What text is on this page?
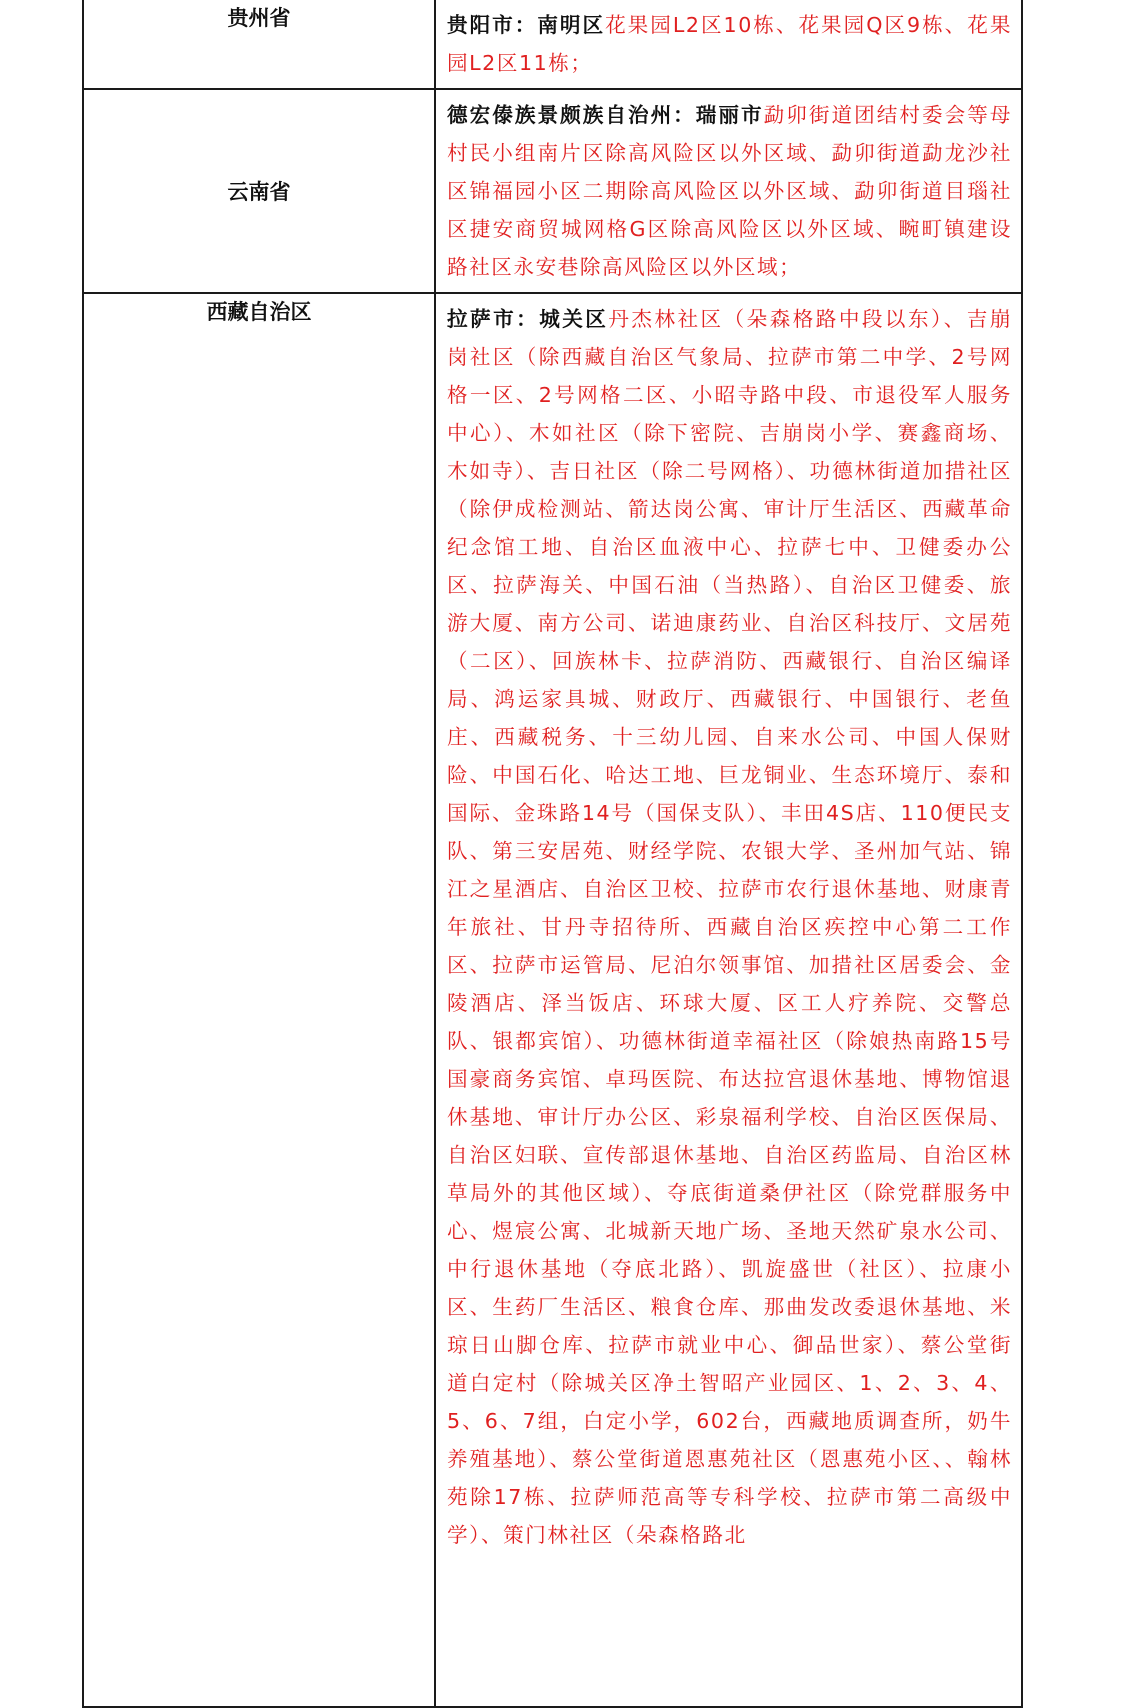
贵州省	贵阳市：南明区花果园L2区10栋、花果园Q区9栋、花果园L2区11栋；

云南省	德宏傣族景颇族自治州：瑞丽市勐卯街道团结村委会等母村民小组南片区除高风险区以外区域、勐卯街道勐龙沙社区锦福园小区二期除高风险区以外区域、勐卯街道目瑙社区捷安商贸城网格G区除高风险区以外区域、畹町镇建设路社区永安巷除高风险区以外区域；

西藏自治区	拉萨市：城关区丹杰林社区（朵森格路中段以东）、吉崩岗社区（除西藏自治区气象局、拉萨市第二中学、2号网格一区、2号网格二区、小昭寺路中段、市退役军人服务中心）、木如社区（除下密院、吉崩岗小学、赛鑫商场、木如寺）、吉日社区（除二号网格）、功德林街道加措社区（除伊成检测站、箭达岗公寓、审计厅生活区、西藏革命纪念馆工地、自治区血液中心、拉萨七中、卫健委办公区、拉萨海关、中国石油（当热路）、自治区卫健委、旅游大厦、南方公司、诺迪康药业、自治区科技厅、文居苑（二区）、回族林卡、拉萨消防、西藏银行、自治区编译局、鸿运家具城、财政厅、西藏银行、中国银行、老鱼庄、西藏税务、十三幼儿园、自来水公司、中国人保财险、中国石化、哈达工地、巨龙铜业、生态环境厅、泰和国际、金珠路14号（国保支队）、丰田4S店、110便民支队、第三安居苑、财经学院、农银大学、圣州加气站、锦江之星酒店、自治区卫校、拉萨市农行退休基地、财康青年旅社、甘丹寺招待所、西藏自治区疾控中心第二工作区、拉萨市运管局、尼泊尔领事馆、加措社区居委会、金陵酒店、泽当饭店、环球大厦、区工人疗养院、交警总队、银都宾馆）、功德林街道幸福社区（除娘热南路15号国豪商务宾馆、卓玛医院、布达拉宫退休基地、博物馆退休基地、审计厅办公区、彩泉福利学校、自治区医保局、自治区妇联、宣传部退休基地、自治区药监局、自治区林草局外的其他区域）、夺底街道桑伊社区（除党群服务中心、煜宸公寓、北城新天地广场、圣地天然矿泉水公司、中行退休基地（夺底北路）、凯旋盛世（社区）、拉康小区、生药厂生活区、粮食仓库、那曲发改委退休基地、米琼日山脚仓库、拉萨市就业中心、御品世家）、蔡公堂街道白定村（除城关区净土智昭产业园区、1、2、3、4、5、6、7组，白定小学，602台，西藏地质调查所，奶牛养殖基地）、蔡公堂街道恩惠苑社区（恩惠苑小区、、翰林苑除17栋、拉萨师范高等专科学校、拉萨市第二高级中学）、策门林社区（朵森格路北
